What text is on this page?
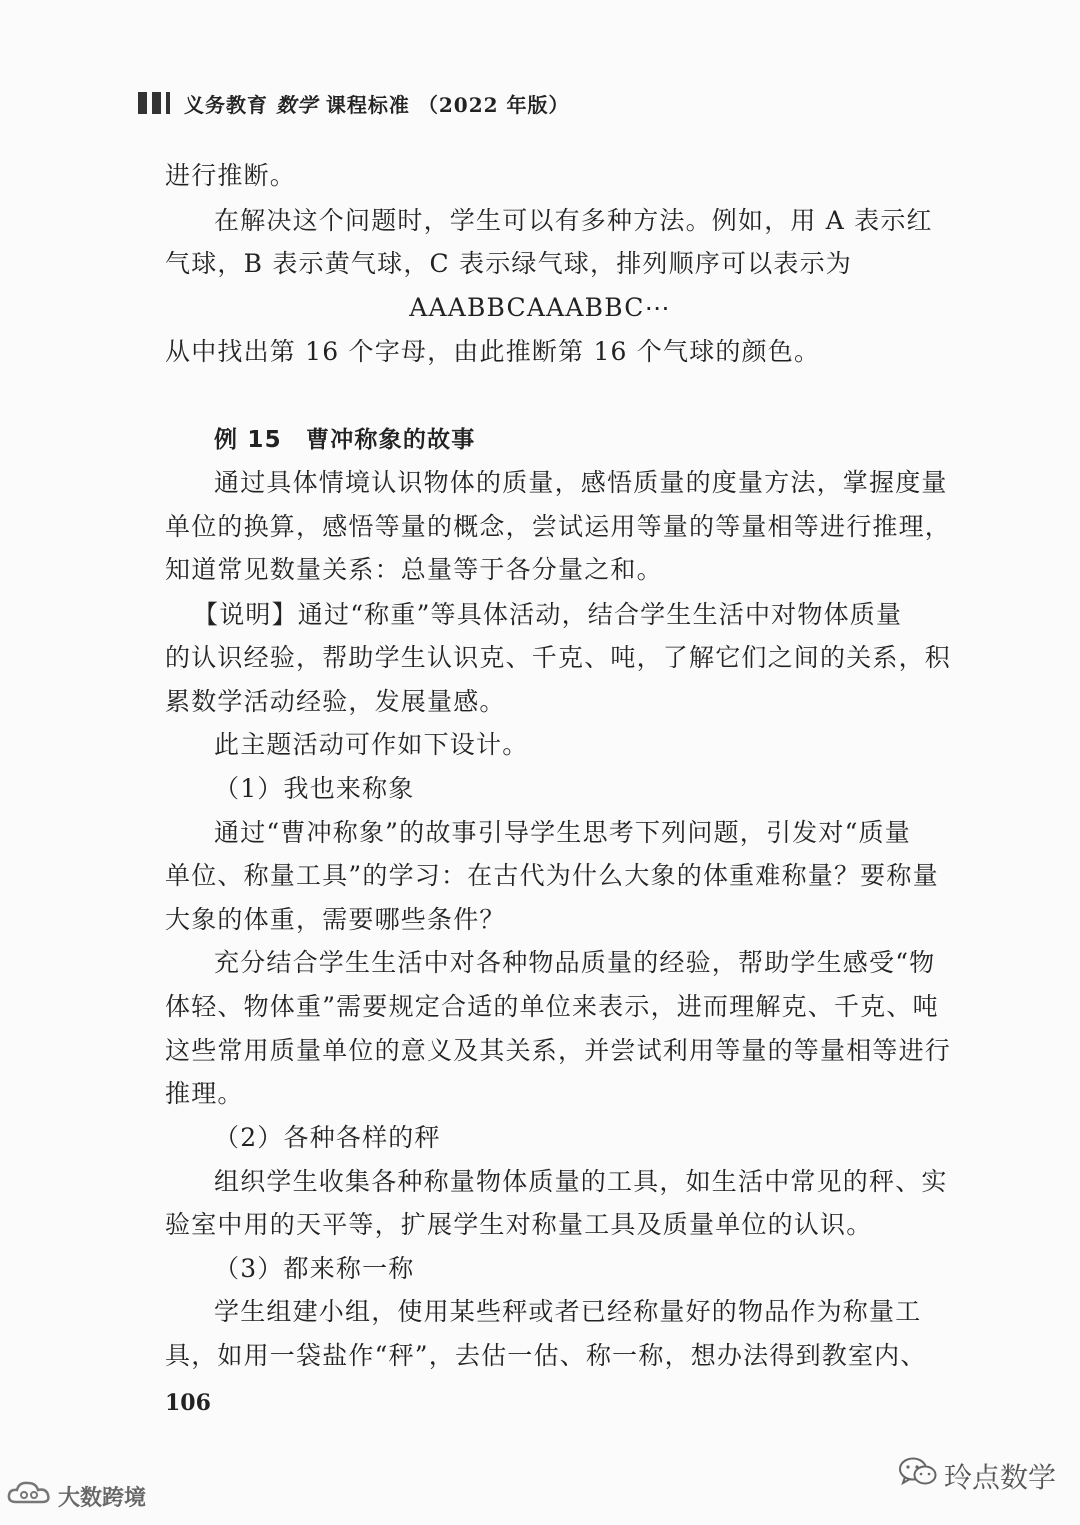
义务教育 数学 课程标准 （2022 年版）
进行推断。
在解决这个问题时，学生可以有多种方法。例如，用 A 表示红
气球，B 表示黄气球，C 表示绿气球，排列顺序可以表示为
AAABBCAAABBC⋯
从中找出第 16 个字母，由此推断第 16 个气球的颜色。
例 15　曹冲称象的故事
通过具体情境认识物体的质量，感悟质量的度量方法，掌握度量
单位的换算，感悟等量的概念，尝试运用等量的等量相等进行推理，
知道常见数量关系：总量等于各分量之和。
【说明】通过“称重”等具体活动，结合学生生活中对物体质量
的认识经验，帮助学生认识克、千克、吨，了解它们之间的关系，积
累数学活动经验，发展量感。
此主题活动可作如下设计。
（1）我也来称象
通过“曹冲称象”的故事引导学生思考下列问题，引发对“质量
单位、称量工具”的学习：在古代为什么大象的体重难称量？要称量
大象的体重，需要哪些条件？
充分结合学生生活中对各种物品质量的经验，帮助学生感受“物
体轻、物体重”需要规定合适的单位来表示，进而理解克、千克、吨
这些常用质量单位的意义及其关系，并尝试利用等量的等量相等进行
推理。
（2）各种各样的秤
组织学生收集各种称量物体质量的工具，如生活中常见的秤、实
验室中用的天平等，扩展学生对称量工具及质量单位的认识。
（3）都来称一称
学生组建小组，使用某些秤或者已经称量好的物品作为称量工
具，如用一袋盐作“秤”，去估一估、称一称，想办法得到教室内、
106
大数跨境
玲点数学
